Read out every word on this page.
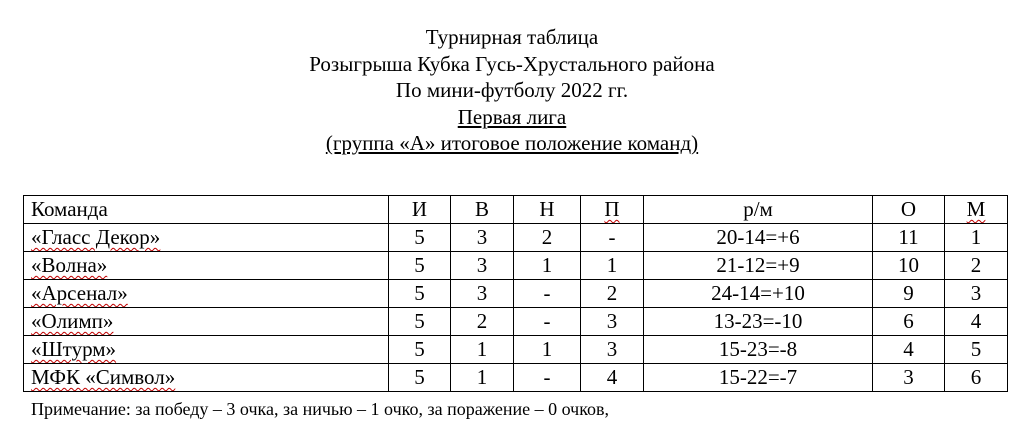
Турнирная таблица
Розыгрыша Кубка Гусь-Хрустального района
По мини-футболу 2022 гг.
Первая лига
(группа «А» итоговое положение команд)
Команда	И	В	Н	П	р/м	О	М
«Гласс Декор»	5	3	2	-	20-14=+6	11	1
«Волна»	5	3	1	1	21-12=+9	10	2
«Арсенал»	5	3	-	2	24-14=+10	9	3
«Олимп»	5	2	-	3	13-23=-10	6	4
«Штурм»	5	1	1	3	15-23=-8	4	5
МФК «Символ»	5	1	-	4	15-22=-7	3	6
Примечание: за победу – 3 очка, за ничью – 1 очко, за поражение – 0 очков,
